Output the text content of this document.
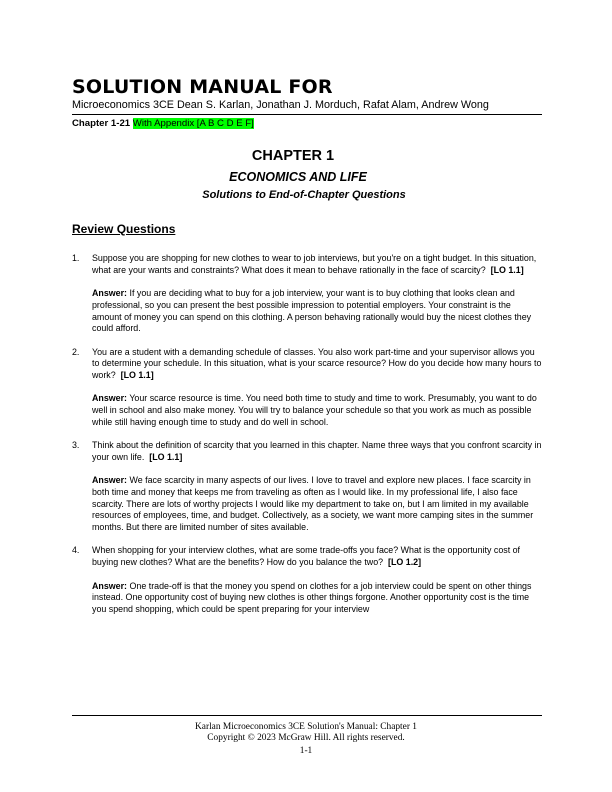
SOLUTION MANUAL FOR
Microeconomics 3CE Dean S. Karlan, Jonathan J. Morduch, Rafat Alam, Andrew Wong
Chapter 1-21 With Appendix [A B C D E F]
CHAPTER 1
ECONOMICS AND LIFE
Solutions to End-of-Chapter Questions
Review Questions
1. Suppose you are shopping for new clothes to wear to job interviews, but you're on a tight budget. In this situation, what are your wants and constraints? What does it mean to behave rationally in the face of scarcity? [LO 1.1]

Answer: If you are deciding what to buy for a job interview, your want is to buy clothing that looks clean and professional, so you can present the best possible impression to potential employers. Your constraint is the amount of money you can spend on this clothing. A person behaving rationally would buy the nicest clothes they could afford.

2. You are a student with a demanding schedule of classes. You also work part-time and your supervisor allows you to determine your schedule. In this situation, what is your scarce resource? How do you decide how many hours to work? [LO 1.1]

Answer: Your scarce resource is time. You need both time to study and time to work. Presumably, you want to do well in school and also make money. You will try to balance your schedule so that you work as much as possible while still having enough time to study and do well in school.

3. Think about the definition of scarcity that you learned in this chapter. Name three ways that you confront scarcity in your own life. [LO 1.1]

Answer: We face scarcity in many aspects of our lives. I love to travel and explore new places. I face scarcity in both time and money that keeps me from traveling as often as I would like. In my professional life, I also face scarcity. There are lots of worthy projects I would like my department to take on, but I am limited in my available resources of employees, time, and budget. Collectively, as a society, we want more camping sites in the summer months. But there are limited number of sites available.

4. When shopping for your interview clothes, what are some trade-offs you face? What is the opportunity cost of buying new clothes? What are the benefits? How do you balance the two? [LO 1.2]

Answer: One trade-off is that the money you spend on clothes for a job interview could be spent on other things instead. One opportunity cost of buying new clothes is other things forgone. Another opportunity cost is the time you spend shopping, which could be spent preparing for your interview

Karlan Microeconomics 3CE Solution's Manual: Chapter 1
Copyright © 2023 McGraw Hill. All rights reserved.
1-1
